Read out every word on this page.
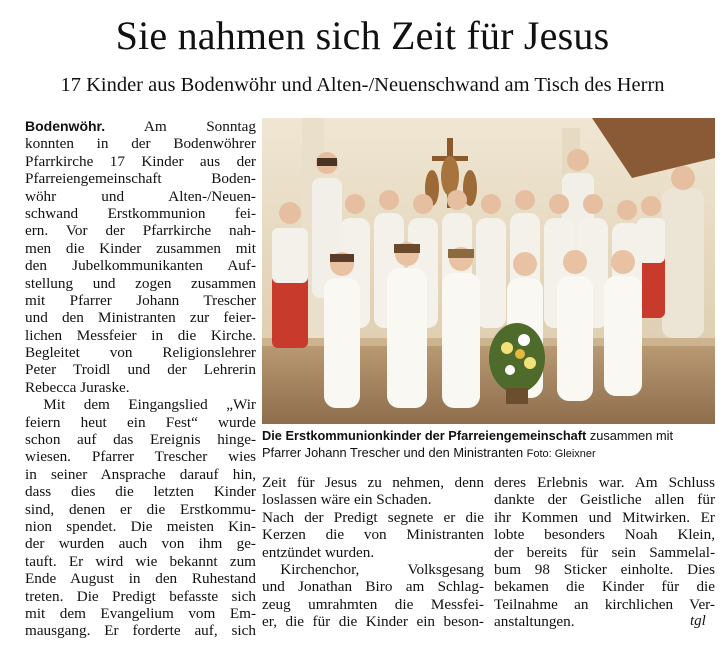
Sie nahmen sich Zeit für Jesus
17 Kinder aus Bodenwöhr und Alten-/Neuenschwand am Tisch des Herrn
Bodenwöhr. Am Sonntag
konnten in der Bodenwöhrer
Pfarrkirche 17 Kinder aus der
Pfarreiengemeinschaft Boden-
wöhr und Alten-/Neuen-
schwand Erstkommunion fei-
ern. Vor der Pfarrkirche nah-
men die Kinder zusammen mit
den Jubelkommunikanten Auf-
stellung und zogen zusammen
mit Pfarrer Johann Trescher
und den Ministranten zur feier-
lichen Messfeier in die Kirche.
Begleitet von Religionslehrer
Peter Troidl und der Lehrerin
Rebecca Juraske.
Mit dem Eingangslied „Wir
feiern heut ein Fest“ wurde
schon auf das Ereignis hinge-
wiesen. Pfarrer Trescher wies
in seiner Ansprache darauf hin,
dass dies die letzten Kinder
sind, denen er die Erstkommu-
nion spendet. Die meisten Kin-
der wurden auch von ihm ge-
tauft. Er wird wie bekannt zum
Ende August in den Ruhestand
treten. Die Predigt befasste sich
mit dem Evangelium vom Em-
mausgang. Er forderte auf, sich
Die Erstkommunionkinder der Pfarreiengemeinschaft zusammen mit Pfarrer Johann Trescher und den Ministranten Foto: Gleixner
Zeit für Jesus zu nehmen, denn
loslassen wäre ein Schaden.
Nach der Predigt segnete er die
Kerzen die von Ministranten
entzündet wurden.
Kirchenchor, Volksgesang
und Jonathan Biro am Schlag-
zeug umrahmten die Messfei-
er, die für die Kinder ein beson-
deres Erlebnis war. Am Schluss
dankte der Geistliche allen für
ihr Kommen und Mitwirken. Er
lobte besonders Noah Klein,
der bereits für sein Sammelal-
bum 98 Sticker einholte. Dies
bekamen die Kinder für die
Teilnahme an kirchlichen Ver-
anstaltungen.	tgl
